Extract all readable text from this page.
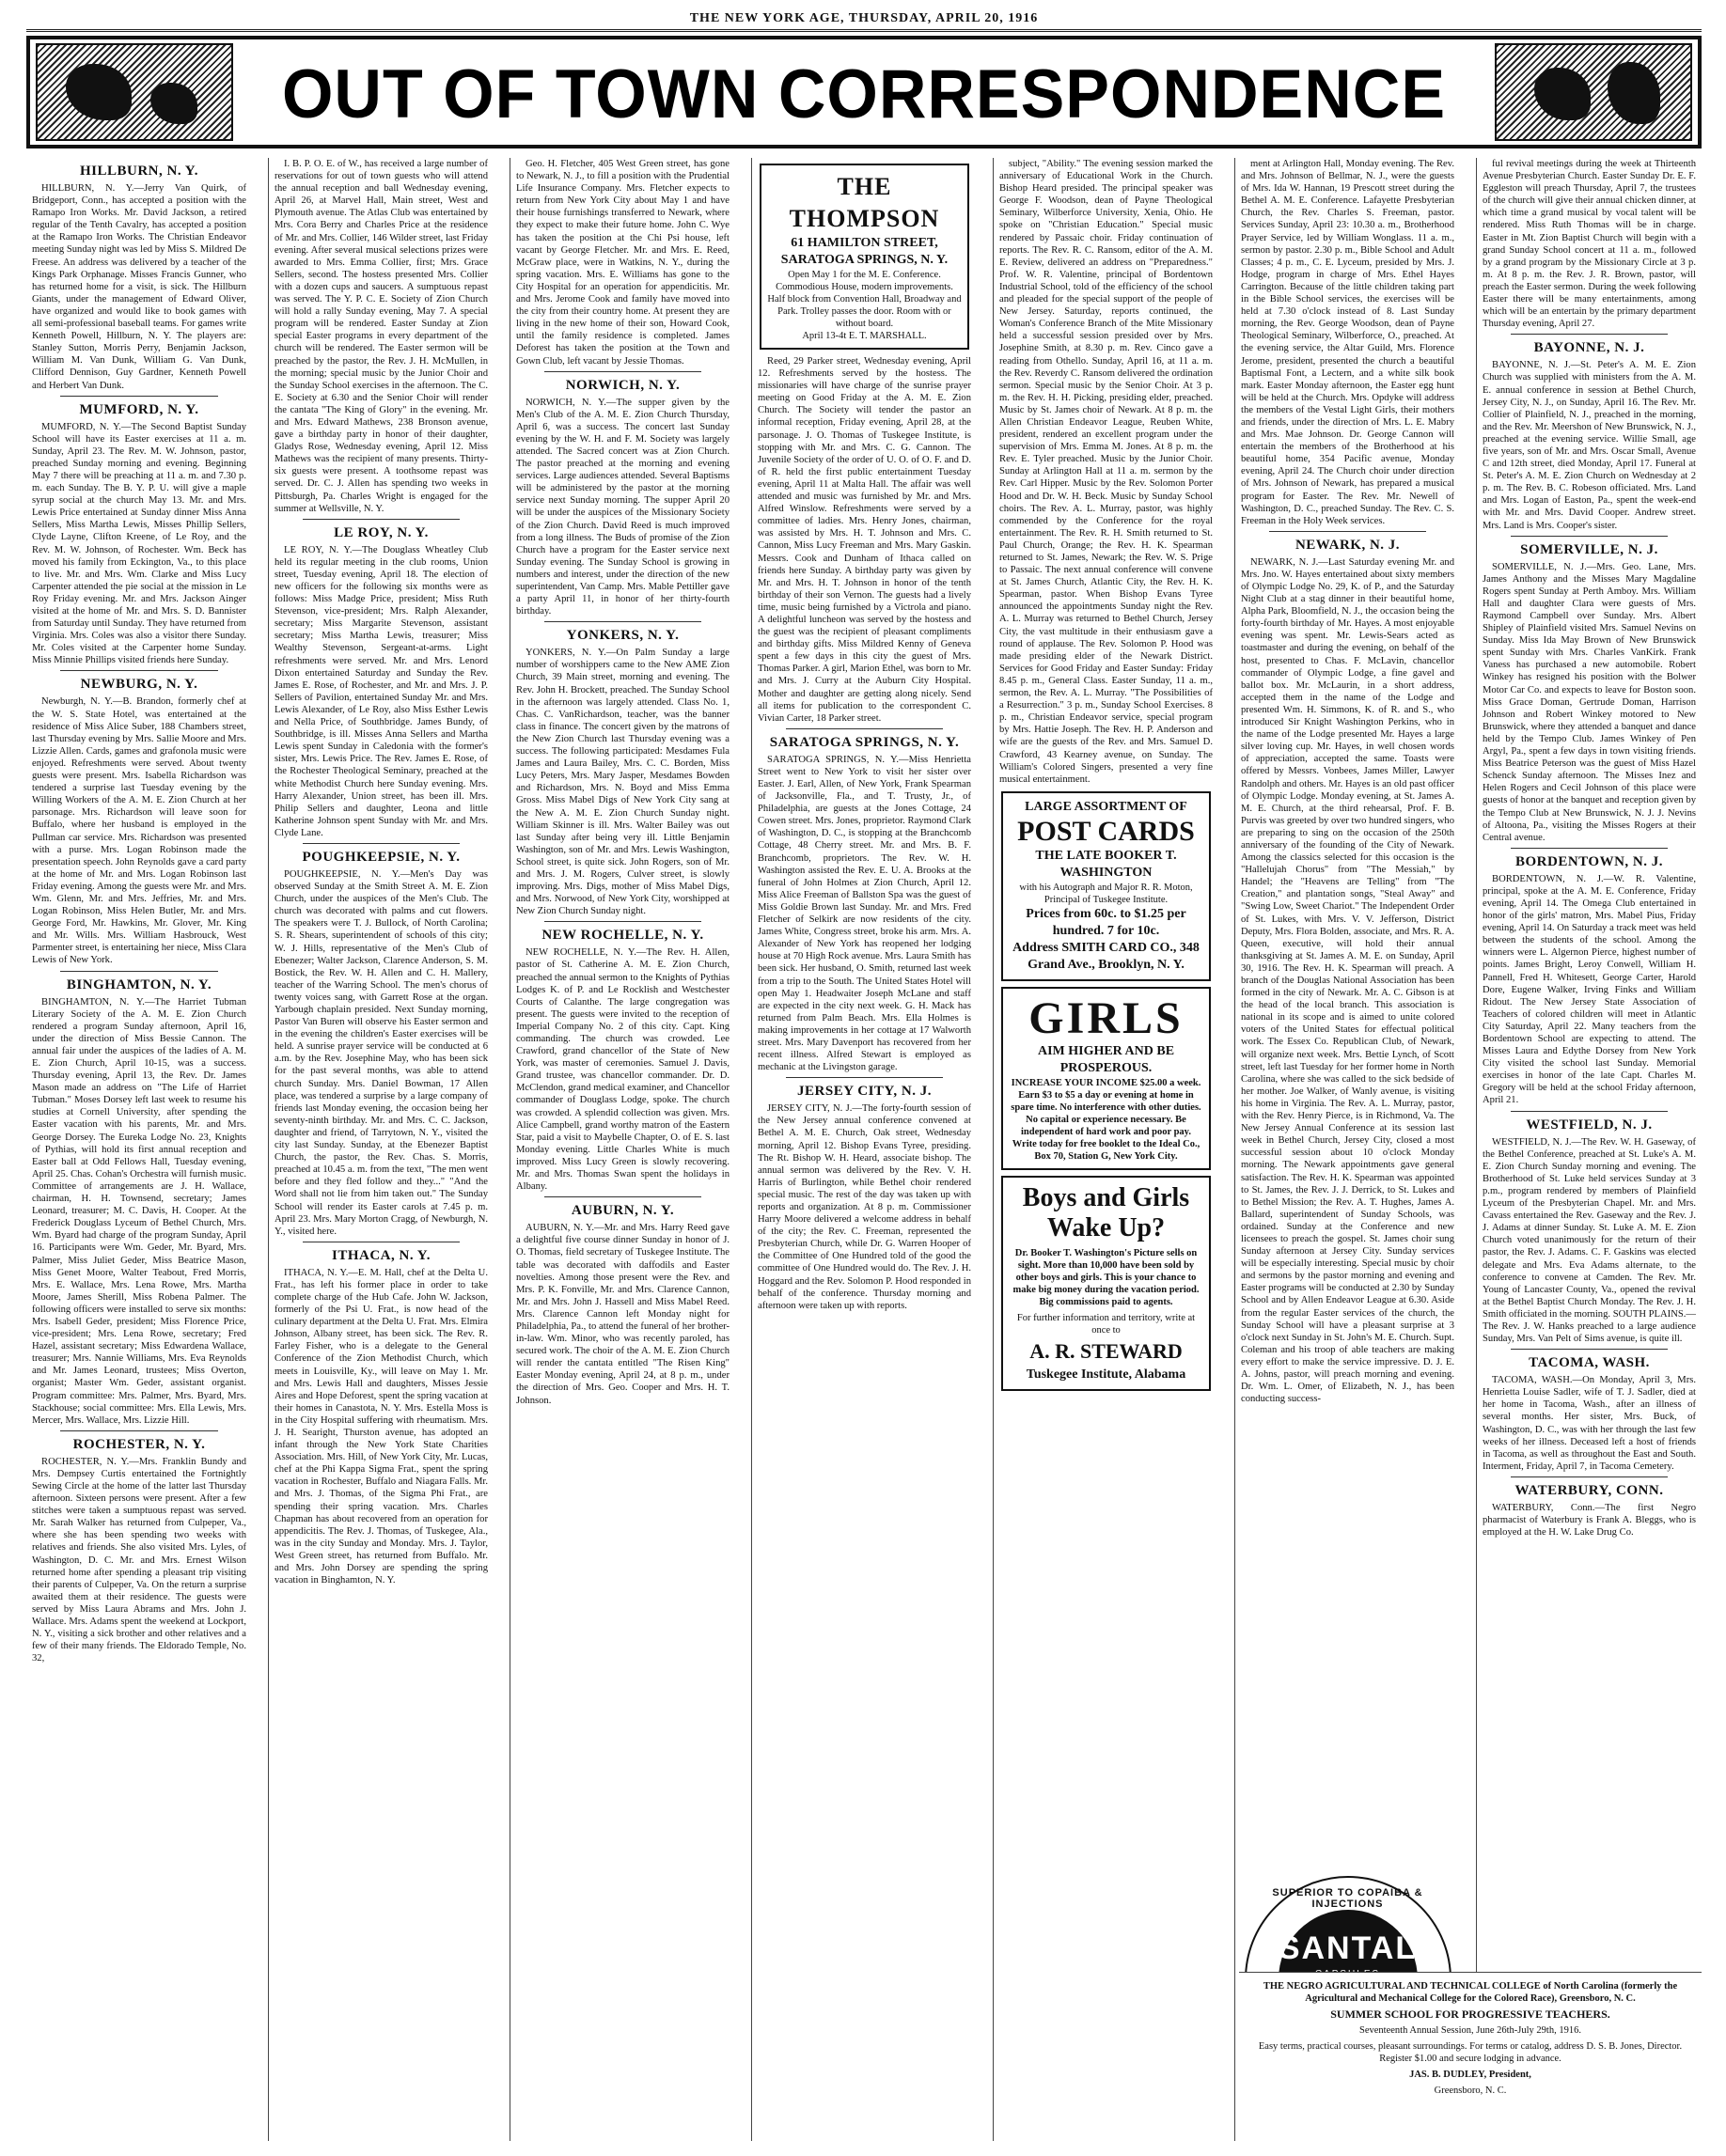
THE NEW YORK AGE, THURSDAY, APRIL 20, 1916
OUT OF TOWN CORRESPONDENCE
HILLBURN, N. Y.
HILLBURN, N. Y.—Jerry Van Quirk, of Bridgeport, Conn., has accepted a position with the Ramapo Iron Works. Mr. David Jackson, a retired regular of the Tenth Cavalry, has accepted a position at the Ramapo Iron Works. The Christian Endeavor meeting Sunday night was led by Miss S. Mildred De Freese. An address was delivered by a teacher of the Kings Park Orphanage. Misses Francis Gunner, who has returned home for a visit, is sick. The Hillburn Giants, under the management of Edward Oliver, have organized and would like to book games with all semi-professional baseball teams. For games write Kenneth Powell, Hillburn, N. Y. The players are: Stanley Sutton, Morris Perry, Benjamin Jackson, William M. Van Dunk, William G. Van Dunk, Clifford Dennison, Guy Gardner, Kenneth Powell and Herbert Van Dunk.
MUMFORD, N. Y.
MUMFORD, N. Y.—The Second Baptist Sunday School will have its Easter exercises at 11 a. m. Sunday, April 23. The Rev. M. W. Johnson, pastor, preached Sunday morning and evening. Beginning May 7 there will be preaching at 11 a. m. and 7.30 p. m. each Sunday. The B. Y. P. U. will give a maple syrup social at the church May 13. Mr. and Mrs. Lewis Price entertained at Sunday dinner Miss Anna Sellers, Miss Martha Lewis, Misses Phillip Sellers, Clyde Layne, Clifton Kreene, of Le Roy, and the Rev. M. W. Johnson, of Rochester. Wm. Beck has moved his family from Eckington, Va., to this place to live. Mr. and Mrs. Wm. Clarke and Miss Lucy Carpenter attended the pie social at the mission in Le Roy Friday evening. Mr. and Mrs. Jackson Ainger visited at the home of Mr. and Mrs. S. D. Bannister from Saturday until Sunday. They have returned from Virginia. Mrs. Coles was also a visitor there Sunday. Mr. Coles visited at the Carpenter home Sunday. Miss Minnie Phillips visited friends here Sunday.
NEWBURG, N. Y.
Newburgh, N. Y.—B. Brandon, formerly chef at the W. S. State Hotel, was entertained at the residence of Miss Alice Suber, 188 Chambers street, last Thursday evening by Mrs. Sallie Moore and Mrs. Lizzie Allen. Cards, games and grafonola music were enjoyed. Refreshments were served. About twenty guests were present. Mrs. Isabella Richardson was tendered a surprise last Tuesday evening by the Willing Workers of the A. M. E. Zion Church at her parsonage. Mrs. Richardson will leave soon for Buffalo, where her husband is employed in the Pullman car service. Mrs. Richardson was presented with a purse. Mrs. Logan Robinson made the presentation speech. John Reynolds gave a card party at the home of Mr. and Mrs. Logan Robinson last Friday evening. Among the guests were Mr. and Mrs. Wm. Glenn, Mr. and Mrs. Jeffries, Mr. and Mrs. Logan Robinson, Miss Helen Butler, Mr. and Mrs. George Ford, Mr. Hawkins, Mr. Glover, Mr. King and Mr. Wills. Mrs. William Hasbrouck, West Parmenter street, is entertaining her niece, Miss Clara Lewis of New York.
BINGHAMTON, N. Y.
BINGHAMTON, N. Y.—The Harriet Tubman Literary Society of the A. M. E. Zion Church rendered a program Sunday afternoon, April 16, under the direction of Miss Bessie Cannon. The annual fair under the auspices of the ladies of A. M. E. Zion Church, April 10-15, was a success. Thursday evening, April 13, the Rev. Dr. James Mason made an address on "The Life of Harriet Tubman." Moses Dorsey left last week to resume his studies at Cornell University, after spending the Easter vacation with his parents, Mr. and Mrs. George Dorsey. The Eureka Lodge No. 23, Knights of Pythias, will hold its first annual reception and Easter ball at Odd Fellows Hall, Tuesday evening, April 25. Chas. Cohan's Orchestra will furnish music. Committee of arrangements are J. H. Wallace, chairman, H. H. Townsend, secretary; James Leonard, treasurer; M. C. Davis, H. Cooper. At the Frederick Douglass Lyceum of Bethel Church, Mrs. Wm. Byard had charge of the program Sunday, April 16. Participants were Wm. Geder, Mr. Byard, Mrs. Palmer, Miss Juliet Geder, Miss Beatrice Mason, Miss Genet Moore, Walter Teabout, Fred Morris, Mrs. E. Wallace, Mrs. Lena Rowe, Mrs. Martha Moore, James Sherill, Miss Robena Palmer. The following officers were installed to serve six months: Mrs. Isabell Geder, president; Miss Florence Price, vice-president; Mrs. Lena Rowe, secretary; Fred Hazel, assistant secretary; Miss Edwardena Wallace, treasurer; Mrs. Nannie Williams, Mrs. Eva Reynolds and Mr. James Leonard, trustees; Miss Overton, organist; Master Wm. Geder, assistant organist. Program committee: Mrs. Palmer, Mrs. Byard, Mrs. Stackhouse; social committee: Mrs. Ella Lewis, Mrs. Mercer, Mrs. Wallace, Mrs. Lizzie Hill.
ROCHESTER, N. Y.
ROCHESTER, N. Y.—Mrs. Franklin Bundy and Mrs. Dempsey Curtis entertained the Fortnightly Sewing Circle at the home of the latter last Thursday afternoon. Sixteen persons were present. After a few stitches were taken a sumptuous repast was served. Mr. Sarah Walker has returned from Culpeper, Va., where she has been spending two weeks with relatives and friends. She also visited Mrs. Lyles, of Washington, D. C. Mr. and Mrs. Ernest Wilson returned home after spending a pleasant trip visiting their parents of Culpeper, Va. On the return a surprise awaited them at their residence. The guests were served by Miss Laura Abrams and Mrs. John J. Wallace. Mrs. Adams spent the weekend at Lockport, N. Y., visiting a sick brother and other relatives and a few of their many friends. The Eldorado Temple, No. 32,
I. B. P. O. E. of W., has received a large number of reservations for out of town guests who will attend the annual reception and ball Wednesday evening, April 26, at Marvel Hall, Main street, West and Plymouth avenue. The Atlas Club was entertained by Mrs. Cora Berry and Charles Price at the residence of Mr. and Mrs. Collier, 146 Wilder street, last Friday evening. After several musical selections prizes were awarded to Mrs. Emma Collier, first; Mrs. Grace Sellers, second. The hostess presented Mrs. Collier with a dozen cups and saucers. A sumptuous repast was served. The Y. P. C. E. Society of Zion Church will hold a rally Sunday evening, May 7. A special program will be rendered. Easter Sunday at Zion special Easter programs in every department of the church will be rendered. The Easter sermon will be preached by the pastor, the Rev. J. H. McMullen, in the morning; special music by the Junior Choir and the Sunday School exercises in the afternoon. The C. E. Society at 6.30 and the Senior Choir will render the cantata "The King of Glory" in the evening. Mr. and Mrs. Edward Mathews, 238 Bronson avenue, gave a birthday party in honor of their daughter, Gladys Rose, Wednesday evening, April 12. Miss Mathews was the recipient of many presents. Thirty-six guests were present. A toothsome repast was served. Dr. C. J. Allen has spending two weeks in Pittsburgh, Pa. Charles Wright is engaged for the summer at Wellsville, N. Y.
LE ROY, N. Y.
LE ROY, N. Y.—The Douglass Wheatley Club held its regular meeting in the club rooms, Union street, Tuesday evening, April 18. The election of new officers for the following six months were as follows: Miss Madge Price, president; Miss Ruth Stevenson, vice-president; Mrs. Ralph Alexander, secretary; Miss Margarite Stevenson, assistant secretary; Miss Martha Lewis, treasurer; Miss Wealthy Stevenson, Sergeant-at-arms. Light refreshments were served. Mr. and Mrs. Lenord Dixon entertained Saturday and Sunday the Rev. James E. Rose, of Rochester, and Mr. and Mrs. J. P. Sellers of Pavilion, entertained Sunday Mr. and Mrs. Lewis Alexander, of Le Roy, also Miss Esther Lewis and Nella Price, of Southbridge. James Bundy, of Southbridge, is ill. Misses Anna Sellers and Martha Lewis spent Sunday in Caledonia with the former's sister, Mrs. Lewis Price. The Rev. James E. Rose, of the Rochester Theological Seminary, preached at the white Methodist Church here Sunday evening. Mrs. Harry Alexander, Union street, has been ill. Mrs. Philip Sellers and daughter, Leona and little Katherine Johnson spent Sunday with Mr. and Mrs. Clyde Lane.
POUGHKEEPSIE, N. Y.
POUGHKEEPSIE, N. Y.—Men's Day was observed Sunday at the Smith Street A. M. E. Zion Church, under the auspices of the Men's Club. The church was decorated with palms and cut flowers. The speakers were T. J. Bullock, of North Carolina; S. R. Shears, superintendent of schools of this city; W. J. Hills, representative of the Men's Club of Ebenezer; Walter Jackson, Clarence Anderson, S. M. Bostick, the Rev. W. H. Allen and C. H. Mallery, teacher of the Warring School. The men's chorus of twenty voices sang, with Garrett Rose at the organ. Yarbough chaplain presided. Next Sunday morning, Pastor Van Buren will observe his Easter sermon and in the evening the children's Easter exercises will be held. A sunrise prayer service will be conducted at 6 a.m. by the Rev. Josephine May, who has been sick for the past several months, was able to attend church Sunday. Mrs. Daniel Bowman, 17 Allen place, was tendered a surprise by a large company of friends last Monday evening, the occasion being her seventy-ninth birthday. Mr. and Mrs. C. C. Jackson, daughter and friend, of Tarrytown, N. Y., visited the city last Sunday. Sunday, at the Ebenezer Baptist Church, the pastor, the Rev. Chas. S. Morris, preached at 10.45 a. m. from the text, "The men went before and they fled follow and they..." "And the Word shall not lie from him taken out." The Sunday School will render its Easter carols at 7.45 p. m. April 23. Mrs. Mary Morton Cragg, of Newburgh, N. Y., visited here.
ITHACA, N. Y.
ITHACA, N. Y.—E. M. Hall, chef at the Delta U. Frat., has left his former place in order to take complete charge of the Hub Cafe. John W. Jackson, formerly of the Psi U. Frat., is now head of the culinary department at the Delta U. Frat. Mrs. Elmira Johnson, Albany street, has been sick. The Rev. R. Farley Fisher, who is a delegate to the General Conference of the Zion Methodist Church, which meets in Louisville, Ky., will leave on May 1. Mr. and Mrs. Lewis Hall and daughters, Misses Jessie Aires and Hope Deforest, spent the spring vacation at their homes in Canastota, N. Y. Mrs. Estella Moss is in the City Hospital suffering with rheumatism. Mrs. J. H. Searight, Thurston avenue, has adopted an infant through the New York State Charities Association. Mrs. Hill, of New York City, Mr. Lucas, chef at the Phi Kappa Sigma Frat., spent the spring vacation in Rochester, Buffalo and Niagara Falls. Mr. and Mrs. J. Thomas, of the Sigma Phi Frat., are spending their spring vacation. Mrs. Charles Chapman has about recovered from an operation for appendicitis. The Rev. J. Thomas, of Tuskegee, Ala., was in the city Sunday and Monday. Mrs. J. Taylor, West Green street, has returned from Buffalo. Mr. and Mrs. John Dorsey are spending the spring vacation in Binghamton, N. Y.
Geo. H. Fletcher, 405 West Green street, has gone to Newark, N. J., to fill a position with the Prudential Life Insurance Company. Mrs. Fletcher expects to return from New York City about May 1 and have their house furnishings transferred to Newark, where they expect to make their future home. John C. Wye has taken the position at the Chi Psi house, left vacant by George Fletcher. Mr. and Mrs. E. Reed, McGraw place, were in Watkins, N. Y., during the spring vacation. Mrs. E. Williams has gone to the City Hospital for an operation for appendicitis. Mr. and Mrs. Jerome Cook and family have moved into the city from their country home. At present they are living in the new home of their son, Howard Cook, until the family residence is completed. James Deforest has taken the position at the Town and Gown Club, left vacant by Jessie Thomas.
NORWICH, N. Y.
NORWICH, N. Y.—The supper given by the Men's Club of the A. M. E. Zion Church Thursday, April 6, was a success. The concert last Sunday evening by the W. H. and F. M. Society was largely attended. The Sacred concert was at Zion Church. The pastor preached at the morning and evening services. Large audiences attended. Several Baptisms will be administered by the pastor at the morning service next Sunday morning. The supper April 20 will be under the auspices of the Missionary Society of the Zion Church. David Reed is much improved from a long illness. The Buds of promise of the Zion Church have a program for the Easter service next Sunday evening. The Sunday School is growing in numbers and interest, under the direction of the new superintendent, Van Camp. Mrs. Mable Pettiller gave a party April 11, in honor of her thirty-fourth birthday.
YONKERS, N. Y.
YONKERS, N. Y.—On Palm Sunday a large number of worshippers came to the New AME Zion Church, 39 Main street, morning and evening. The Rev. John H. Brockett, preached. The Sunday School in the afternoon was largely attended. Class No. 1, Chas. C. VanRichardson, teacher, was the banner class in finance. The concert given by the matrons of the New Zion Church last Thursday evening was a success. The following participated: Mesdames Fula James and Laura Bailey, Mrs. C. C. Borden, Miss Lucy Peters, Mrs. Mary Jasper, Mesdames Bowden and Richardson, Mrs. N. Boyd and Miss Emma Gross. Miss Mabel Digs of New York City sang at the New A. M. E. Zion Church Sunday night. William Skinner is ill. Mrs. Walter Bailey was out last Sunday after being very ill. Little Benjamin Washington, son of Mr. and Mrs. Lewis Washington, School street, is quite sick. John Rogers, son of Mr. and Mrs. J. M. Rogers, Culver street, is slowly improving. Mrs. Digs, mother of Miss Mabel Digs, and Mrs. Norwood, of New York City, worshipped at New Zion Church Sunday night.
NEW ROCHELLE, N. Y.
NEW ROCHELLE, N. Y.—The Rev. H. Allen, pastor of St. Catherine A. M. E. Zion Church, preached the annual sermon to the Knights of Pythias Lodges K. of P. and Le Rocklish and Westchester Courts of Calanthe. The large congregation was present. The guests were invited to the reception of Imperial Company No. 2 of this city. Capt. King commanding. The church was crowded. Lee Crawford, grand chancellor of the State of New York, was master of ceremonies. Samuel J. Davis, Grand trustee, was chancellor commander. Dr. D. McClendon, grand medical examiner, and Chancellor commander of Douglass Lodge, spoke. The church was crowded. A splendid collection was given. Mrs. Alice Campbell, grand worthy matron of the Eastern Star, paid a visit to Maybelle Chapter, O. of E. S. last Monday evening. Little Charles White is much improved. Miss Lucy Green is slowly recovering. Mr. and Mrs. Thomas Swan spent the holidays in Albany.
AUBURN, N. Y.
AUBURN, N. Y.—Mr. and Mrs. Harry Reed gave a delightful five course dinner Sunday in honor of J. O. Thomas, field secretary of Tuskegee Institute. The table was decorated with daffodils and Easter novelties. Among those present were the Rev. and Mrs. P. K. Fonville, Mr. and Mrs. Clarence Cannon, Mr. and Mrs. John J. Hassell and Miss Mabel Reed. Mrs. Clarence Cannon left Monday night for Philadelphia, Pa., to attend the funeral of her brother-in-law. Wm. Minor, who was recently paroled, has secured work. The choir of the A. M. E. Zion Church will render the cantata entitled "The Risen King" Easter Monday evening, April 24, at 8 p. m., under the direction of Mrs. Geo. Cooper and Mrs. H. T. Johnson.
THE THOMPSON
61 HAMILTON STREET, SARATOGA SPRINGS, N. Y.
Open May 1 for the M. E. Conference. Commodious House, modern improvements. Half block from Convention Hall, Broadway and Park. Trolley passes the door. Room with or without board.
April 13-4t E. T. MARSHALL.
Reed, 29 Parker street, Wednesday evening, April 12. Refreshments served by the hostess. The missionaries will have charge of the sunrise prayer meeting on Good Friday at the A. M. E. Zion Church. The Society will tender the pastor an informal reception, Friday evening, April 28, at the parsonage. J. O. Thomas of Tuskegee Institute, is stopping with Mr. and Mrs. C. G. Cannon. The Juvenile Society of the order of U. O. of O. F. and D. of R. held the first public entertainment Tuesday evening, April 11 at Malta Hall. The affair was well attended and music was furnished by Mr. and Mrs. Alfred Winslow. Refreshments were served by a committee of ladies. Mrs. Henry Jones, chairman, was assisted by Mrs. H. T. Johnson and Mrs. C. Cannon, Miss Lucy Freeman and Mrs. Mary Gaskin. Messrs. Cook and Dunham of Ithaca called on friends here Sunday. A birthday party was given by Mr. and Mrs. H. T. Johnson in honor of the tenth birthday of their son Vernon. The guests had a lively time, music being furnished by a Victrola and piano. A delightful luncheon was served by the hostess and the guest was the recipient of pleasant compliments and birthday gifts. Miss Mildred Kenny of Geneva spent a few days in this city the guest of Mrs. Thomas Parker. A girl, Marion Ethel, was born to Mr. and Mrs. J. Curry at the Auburn City Hospital. Mother and daughter are getting along nicely. Send all items for publication to the correspondent C. Vivian Carter, 18 Parker street.
SARATOGA SPRINGS, N. Y.
SARATOGA SPRINGS, N. Y.—Miss Henrietta Street went to New York to visit her sister over Easter. J. Earl, Allen, of New York, Frank Spearman of Jacksonville, Fla., and T. Trusty, Jr., of Philadelphia, are guests at the Jones Cottage, 24 Cowen street. Mrs. Jones, proprietor. Raymond Clark of Washington, D. C., is stopping at the Branchcomb Cottage, 48 Cherry street. Mr. and Mrs. B. F. Branchcomb, proprietors. The Rev. W. H. Washington assisted the Rev. E. U. A. Brooks at the funeral of John Holmes at Zion Church, April 12. Miss Alice Freeman of Ballston Spa was the guest of Miss Goldie Brown last Sunday. Mr. and Mrs. Fred Fletcher of Selkirk are now residents of the city. James White, Congress street, broke his arm. Mrs. A. Alexander of New York has reopened her lodging house at 70 High Rock avenue. Mrs. Laura Smith has been sick. Her husband, O. Smith, returned last week from a trip to the South. The United States Hotel will open May 1. Headwaiter Joseph McLane and staff are expected in the city next week. G. H. Mack has returned from Palm Beach. Mrs. Ella Holmes is making improvements in her cottage at 17 Walworth street. Mrs. Mary Davenport has recovered from her recent illness. Alfred Stewart is employed as mechanic at the Livingston garage.
JERSEY CITY, N. J.
JERSEY CITY, N. J.—The forty-fourth session of the New Jersey annual conference convened at Bethel A. M. E. Church, Oak street, Wednesday morning, April 12. Bishop Evans Tyree, presiding. The Rt. Bishop W. H. Heard, associate bishop. The annual sermon was delivered by the Rev. V. H. Harris of Burlington, while Bethel choir rendered special music. The rest of the day was taken up with reports and organization. At 8 p. m. Commissioner Harry Moore delivered a welcome address in behalf of the city; the Rev. C. Freeman, represented the Presbyterian Church, while Dr. G. Warren Hooper of the Committee of One Hundred told of the good the committee of One Hundred would do. The Rev. J. H. Hoggard and the Rev. Solomon P. Hood responded in behalf of the conference. Thursday morning and afternoon were taken up with reports.
subject, "Ability." The evening session marked the anniversary of Educational Work in the Church. Bishop Heard presided. The principal speaker was George F. Woodson, dean of Payne Theological Seminary, Wilberforce University, Xenia, Ohio. He spoke on "Christian Education." Special music rendered by Passaic choir. Friday continuation of reports. The Rev. R. C. Ransom, editor of the A. M. E. Review, delivered an address on "Preparedness." Prof. W. R. Valentine, principal of Bordentown Industrial School, told of the efficiency of the school and pleaded for the special support of the people of New Jersey. Saturday, reports continued, the Woman's Conference Branch of the Mite Missionary held a successful session presided over by Mrs. Josephine Smith, at 8.30 p. m. Rev. Cinco gave a reading from Othello. Sunday, April 16, at 11 a. m. the Rev. Reverdy C. Ransom delivered the ordination sermon. Special music by the Senior Choir. At 3 p. m. the Rev. H. H. Picking, presiding elder, preached. Music by St. James choir of Newark. At 8 p. m. the Allen Christian Endeavor League, Reuben White, president, rendered an excellent program under the supervision of Mrs. Emma M. Jones. At 8 p. m. the Rev. E. Tyler preached. Music by the Junior Choir. Sunday at Arlington Hall at 11 a. m. sermon by the Rev. Carl Hipper. Music by the Rev. Solomon Porter Hood and Dr. W. H. Beck. Music by Sunday School choirs. The Rev. A. L. Murray, pastor, was highly commended by the Conference for the royal entertainment. The Rev. R. H. Smith returned to St. Paul Church, Orange; the Rev. H. K. Spearman returned to St. James, Newark; the Rev. W. S. Prige to Passaic. The next annual conference will convene at St. James Church, Atlantic City, the Rev. H. K. Spearman, pastor. When Bishop Evans Tyree announced the appointments Sunday night the Rev. A. L. Murray was returned to Bethel Church, Jersey City, the vast multitude in their enthusiasm gave a round of applause. The Rev. Solomon P. Hood was made presiding elder of the Newark District. Services for Good Friday and Easter Sunday: Friday 8.45 p. m., General Class. Easter Sunday, 11 a. m., sermon, the Rev. A. L. Murray. "The Possibilities of a Resurrection." 3 p. m., Sunday School Exercises. 8 p. m., Christian Endeavor service, special program by Mrs. Hattie Joseph. The Rev. H. P. Anderson and wife are the guests of the Rev. and Mrs. Samuel D. Crawford, 43 Kearney avenue, on Sunday. The William's Colored Singers, presented a very fine musical entertainment.
LARGE ASSORTMENT OF
POST CARDS
THE LATE BOOKER T. WASHINGTON
with his Autograph and Major R. R. Moton, Principal of Tuskegee Institute.
Prices from 60c. to $1.25 per hundred. 7 for 10c.
Address SMITH CARD CO., 348 Grand Ave., Brooklyn, N. Y.
GIRLS
AIM HIGHER AND BE PROSPEROUS.
INCREASE YOUR INCOME $25.00 a week. Earn $3 to $5 a day or evening at home in spare time. No interference with other duties. No capital or experience necessary. Be independent of hard work and poor pay. Write today for free booklet to the Ideal Co., Box 70, Station G, New York City.
Boys and Girls Wake Up?
Dr. Booker T. Washington's Picture sells on sight. More than 10,000 have been sold by other boys and girls. This is your chance to make big money during the vacation period. Big commissions paid to agents.
For further information and territory, write at once to
A. R. STEWARD
Tuskegee Institute, Alabama
ment at Arlington Hall, Monday evening. The Rev. and Mrs. Johnson of Bellmar, N. J., were the guests of Mrs. Ida W. Hannan, 19 Prescott street during the Bethel A. M. E. Conference. Lafayette Presbyterian Church, the Rev. Charles S. Freeman, pastor. Services Sunday, April 23: 10.30 a. m., Brotherhood Prayer Service, led by William Wonglass. 11 a. m., sermon by pastor. 2.30 p. m., Bible School and Adult Classes; 4 p. m., C. E. Lyceum, presided by Mrs. J. Hodge, program in charge of Mrs. Ethel Hayes Carrington. Because of the little children taking part in the Bible School services, the exercises will be held at 7.30 o'clock instead of 8. Last Sunday morning, the Rev. George Woodson, dean of Payne Theological Seminary, Wilberforce, O., preached. At the evening service, the Altar Guild, Mrs. Florence Jerome, president, presented the church a beautiful Baptismal Font, a Lectern, and a white silk book mark. Easter Monday afternoon, the Easter egg hunt will be held at the Church. Mrs. Opdyke will address the members of the Vestal Light Girls, their mothers and friends, under the direction of Mrs. L. E. Mabry and Mrs. Mae Johnson. Dr. George Cannon will entertain the members of the Brotherhood at his beautiful home, 354 Pacific avenue, Monday evening, April 24. The Church choir under direction of Mrs. Johnson of Newark, has prepared a musical program for Easter. The Rev. Mr. Newell of Washington, D. C., preached Sunday. The Rev. C. S. Freeman in the Holy Week services.
NEWARK, N. J.
NEWARK, N. J.—Last Saturday evening Mr. and Mrs. Jno. W. Hayes entertained about sixty members of Olympic Lodge No. 29, K. of P., and the Saturday Night Club at a stag dinner in their beautiful home, Alpha Park, Bloomfield, N. J., the occasion being the forty-fourth birthday of Mr. Hayes. A most enjoyable evening was spent. Mr. Lewis-Sears acted as toastmaster and during the evening, on behalf of the host, presented to Chas. F. McLavin, chancellor commander of Olympic Lodge, a fine gavel and ballot box. Mr. McLaurin, in a short address, accepted them in the name of the Lodge and presented Wm. H. Simmons, K. of R. and S., who introduced Sir Knight Washington Perkins, who in the name of the Lodge presented Mr. Hayes a large silver loving cup. Mr. Hayes, in well chosen words of appreciation, accepted the same. Toasts were offered by Messrs. Vonbees, James Miller, Lawyer Randolph and others. Mr. Hayes is an old past officer of Olympic Lodge. Monday evening, at St. James A. M. E. Church, at the third rehearsal, Prof. F. B. Purvis was greeted by over two hundred singers, who are preparing to sing on the occasion of the 250th anniversary of the founding of the City of Newark. Among the classics selected for this occasion is the "Hallelujah Chorus" from "The Messiah," by Handel; the "Heavens are Telling" from "The Creation," and plantation songs, "Steal Away" and "Swing Low, Sweet Chariot." The Independent Order of St. Lukes, with Mrs. V. V. Jefferson, District Deputy, Mrs. Flora Bolden, associate, and Mrs. R. A. Queen, executive, will hold their annual thanksgiving at St. James A. M. E. on Sunday, April 30, 1916. The Rev. H. K. Spearman will preach. A branch of the Douglas National Association has been formed in the city of Newark. Mr. A. C. Gibson is at the head of the local branch. This association is national in its scope and is aimed to unite colored voters of the United States for effectual political work. The Essex Co. Republican Club, of Newark, will organize next week. Mrs. Bettie Lynch, of Scott street, left last Tuesday for her former home in North Carolina, where she was called to the sick bedside of her mother. Joe Walker, of Wanly avenue, is visiting his home in Virginia. The Rev. A. L. Murray, pastor, with the Rev. Henry Pierce, is in Richmond, Va. The New Jersey Annual Conference at its session last week in Bethel Church, Jersey City, closed a most successful session about 10 o'clock Monday morning. The Newark appointments gave general satisfaction. The Rev. H. K. Spearman was appointed to St. James, the Rev. J. J. Derrick, to St. Lukes and to Bethel Mission; the Rev. A. T. Hughes, James A. Ballard, superintendent of Sunday Schools, was ordained. Sunday at the Conference and new licensees to preach the gospel. St. James choir sung Sunday afternoon at Jersey City. Sunday services will be especially interesting. Special music by choir and sermons by the pastor morning and evening and Easter programs will be conducted at 2.30 by Sunday School and by Allen Endeavor League at 6.30. Aside from the regular Easter services of the church, the Sunday School will have a pleasant surprise at 3 o'clock next Sunday in St. John's M. E. Church. Supt. Coleman and his troop of able teachers are making every effort to make the service impressive. D. J. E. A. Johns, pastor, will preach morning and evening. Dr. Wm. L. Omer, of Elizabeth, N. J., has been conducting success-
SUPERIOR TO COPAIBA & INJECTIONS
SANTAL
ful revival meetings during the week at Thirteenth Avenue Presbyterian Church. Easter Sunday Dr. E. F. Eggleston will preach Thursday, April 7, the trustees of the church will give their annual chicken dinner, at which time a grand musical by vocal talent will be rendered. Miss Ruth Thomas will be in charge. Easter in Mt. Zion Baptist Church will begin with a grand Sunday School concert at 11 a. m., followed by a grand program by the Missionary Circle at 3 p. m. At 8 p. m. the Rev. J. R. Brown, pastor, will preach the Easter sermon. During the week following Easter there will be many entertainments, among which will be an entertain by the primary department Thursday evening, April 27.
BAYONNE, N. J.
BAYONNE, N. J.—St. Peter's A. M. E. Zion Church was supplied with ministers from the A. M. E. annual conference in session at Bethel Church, Jersey City, N. J., on Sunday, April 16. The Rev. Mr. Collier of Plainfield, N. J., preached in the morning, and the Rev. Mr. Meershon of New Brunswick, N. J., preached at the evening service. Willie Small, age five years, son of Mr. and Mrs. Oscar Small, Avenue C and 12th street, died Monday, April 17. Funeral at St. Peter's A. M. E. Zion Church on Wednesday at 2 p. m. The Rev. B. C. Robeson officiated. Mrs. Land and Mrs. Logan of Easton, Pa., spent the week-end with Mr. and Mrs. David Cooper. Andrew street. Mrs. Land is Mrs. Cooper's sister.
SOMERVILLE, N. J.
SOMERVILLE, N. J.—Mrs. Geo. Lane, Mrs. James Anthony and the Misses Mary Magdaline Rogers spent Sunday at Perth Amboy. Mrs. William Hall and daughter Clara were guests of Mrs. Raymond Campbell over Sunday. Mrs. Albert Shipley of Plainfield visited Mrs. Samuel Nevins on Sunday. Miss Ida May Brown of New Brunswick spent Sunday with Mrs. Charles VanKirk. Frank Vaness has purchased a new automobile. Robert Winkey has resigned his position with the Bolwer Motor Car Co. and expects to leave for Boston soon. Miss Grace Doman, Gertrude Doman, Harrison Johnson and Robert Winkey motored to New Brunswick, where they attended a banquet and dance held by the Tempo Club. James Winkey of Pen Argyl, Pa., spent a few days in town visiting friends. Miss Beatrice Peterson was the guest of Miss Hazel Schenck Sunday afternoon. The Misses Inez and Helen Rogers and Cecil Johnson of this place were guests of honor at the banquet and reception given by the Tempo Club at New Brunswick, N. J. J. Nevins of Altoona, Pa., visiting the Misses Rogers at their Central avenue.
BORDENTOWN, N. J.
BORDENTOWN, N. J.—W. R. Valentine, principal, spoke at the A. M. E. Conference, Friday evening, April 14. The Omega Club entertained in honor of the girls' matron, Mrs. Mabel Pius, Friday evening, April 14. On Saturday a track meet was held between the students of the school. Among the winners were L. Algernon Pierce, highest number of points. James Bright, Leroy Conwell, William H. Pannell, Fred H. Whitesett, George Carter, Harold Dore, Eugene Walker, Irving Finks and William Ridout. The New Jersey State Association of Teachers of colored children will meet in Atlantic City Saturday, April 22. Many teachers from the Bordentown School are expecting to attend. The Misses Laura and Edythe Dorsey from New York City visited the school last Sunday. Memorial exercises in honor of the late Capt. Charles M. Gregory will be held at the school Friday afternoon, April 21.
WESTFIELD, N. J.
WESTFIELD, N. J.—The Rev. W. H. Gaseway, of the Bethel Conference, preached at St. Luke's A. M. E. Zion Church Sunday morning and evening. The Brotherhood of St. Luke held services Sunday at 3 p.m., program rendered by members of Plainfield Lyceum of the Presbyterian Chapel. Mr. and Mrs. Cavass entertained the Rev. Gaseway and the Rev. J. J. Adams at dinner Sunday. St. Luke A. M. E. Zion Church voted unanimously for the return of their pastor, the Rev. J. Adams. C. F. Gaskins was elected delegate and Mrs. Eva Adams alternate, to the conference to convene at Camden. The Rev. Mr. Young of Lancaster County, Va., opened the revival at the Bethel Baptist Church Monday. The Rev. J. H. Smith officiated in the morning. SOUTH PLAINS.—The Rev. J. W. Hanks preached to a large audience Sunday, Mrs. Van Pelt of Sims avenue, is quite ill.
TACOMA, WASH.
TACOMA, WASH.—On Monday, April 3, Mrs. Henrietta Louise Sadler, wife of T. J. Sadler, died at her home in Tacoma, Wash., after an illness of several months. Her sister, Mrs. Buck, of Washington, D. C., was with her through the last few weeks of her illness. Deceased left a host of friends in Tacoma, as well as throughout the East and South. Interment, Friday, April 7, in Tacoma Cemetery.
WATERBURY, CONN.
WATERBURY, Conn.—The first Negro pharmacist of Waterbury is Frank A. Bleggs, who is employed at the H. W. Lake Drug Co.
THE NEGRO AGRICULTURAL AND TECHNICAL COLLEGE of North Carolina (formerly the Agricultural and Mechanical College for the Colored Race), Greensboro, N. C.
SUMMER SCHOOL FOR PROGRESSIVE TEACHERS.
Seventeenth Annual Session, June 26th-July 29th, 1916.
Easy terms, practical courses, pleasant surroundings. For terms or catalog, address D. S. B. Jones, Director. Register $1.00 and secure lodging in advance.
JAS. B. DUDLEY, President,
Greensboro, N. C.
